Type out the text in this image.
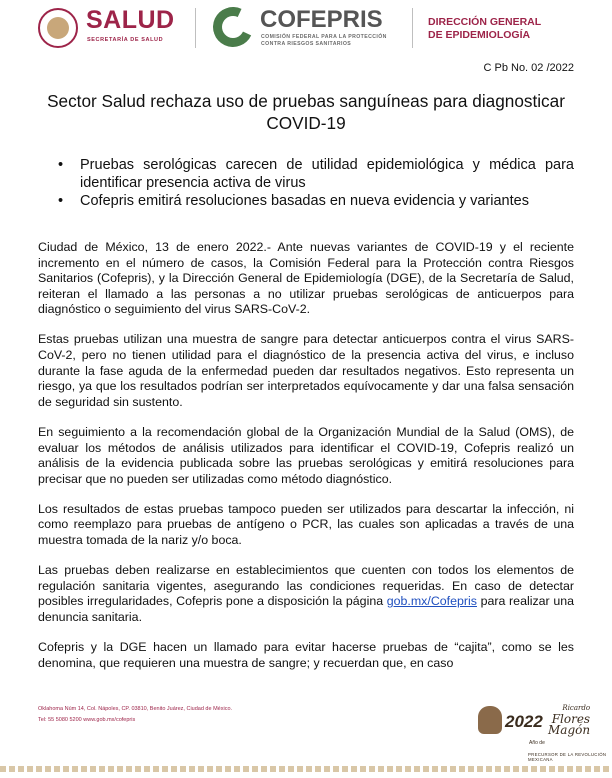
SALUD
SECRETARÍA DE SALUD
COFEPRIS
COMISIÓN FEDERAL PARA LA PROTECCIÓN
CONTRA RIESGOS SANITARIOS
DIRECCIÓN GENERAL
DE EPIDEMIOLOGÍA
C Pb No. 02 /2022
Sector Salud rechaza uso de pruebas sanguíneas para diagnosticar COVID-19
• Pruebas serológicas carecen de utilidad epidemiológica y médica para identificar presencia activa de virus
• Cofepris emitirá resoluciones basadas en nueva evidencia y variantes

Ciudad de México, 13 de enero 2022.- Ante nuevas variantes de COVID-19 y el reciente incremento en el número de casos, la Comisión Federal para la Protección contra Riesgos Sanitarios (Cofepris), y la Dirección General de Epidemiología (DGE), de la Secretaría de Salud, reiteran el llamado a las personas a no utilizar pruebas serológicas de anticuerpos para diagnóstico o seguimiento del virus SARS-CoV-2.

Estas pruebas utilizan una muestra de sangre para detectar anticuerpos contra el virus SARS-CoV-2, pero no tienen utilidad para el diagnóstico de la presencia activa del virus, e incluso durante la fase aguda de la enfermedad pueden dar resultados negativos. Esto representa un riesgo, ya que los resultados podrían ser interpretados equívocamente y dar una falsa sensación de seguridad sin sustento.

En seguimiento a la recomendación global de la Organización Mundial de la Salud (OMS), de evaluar los métodos de análisis utilizados para identificar el COVID-19, Cofepris realizó un análisis de la evidencia publicada sobre las pruebas serológicas y emitirá resoluciones para precisar que no pueden ser utilizadas como método diagnóstico.

Los resultados de estas pruebas tampoco pueden ser utilizados para descartar la infección, ni como reemplazo para pruebas de antígeno o PCR, las cuales son aplicadas a través de una muestra tomada de la nariz y/o boca.

Las pruebas deben realizarse en establecimientos que cuenten con todos los elementos de regulación sanitaria vigentes, asegurando las condiciones requeridas. En caso de detectar posibles irregularidades, Cofepris pone a disposición la página gob.mx/Cofepris para realizar una denuncia sanitaria.

Cofepris y la DGE hacen un llamado para evitar hacerse pruebas de “cajita”, como se les denomina, que requieren una muestra de sangre; y recuerdan que, en caso

Oklahoma Núm 14, Col. Nápoles, CP. 03810, Benito Juárez, Ciudad de México.
Tel: 55 5080 5200 www.gob.mx/cofepris	2022
Ricardo
Flores
Magón
Año de
PRECURSOR DE LA REVOLUCIÓN MEXICANA
